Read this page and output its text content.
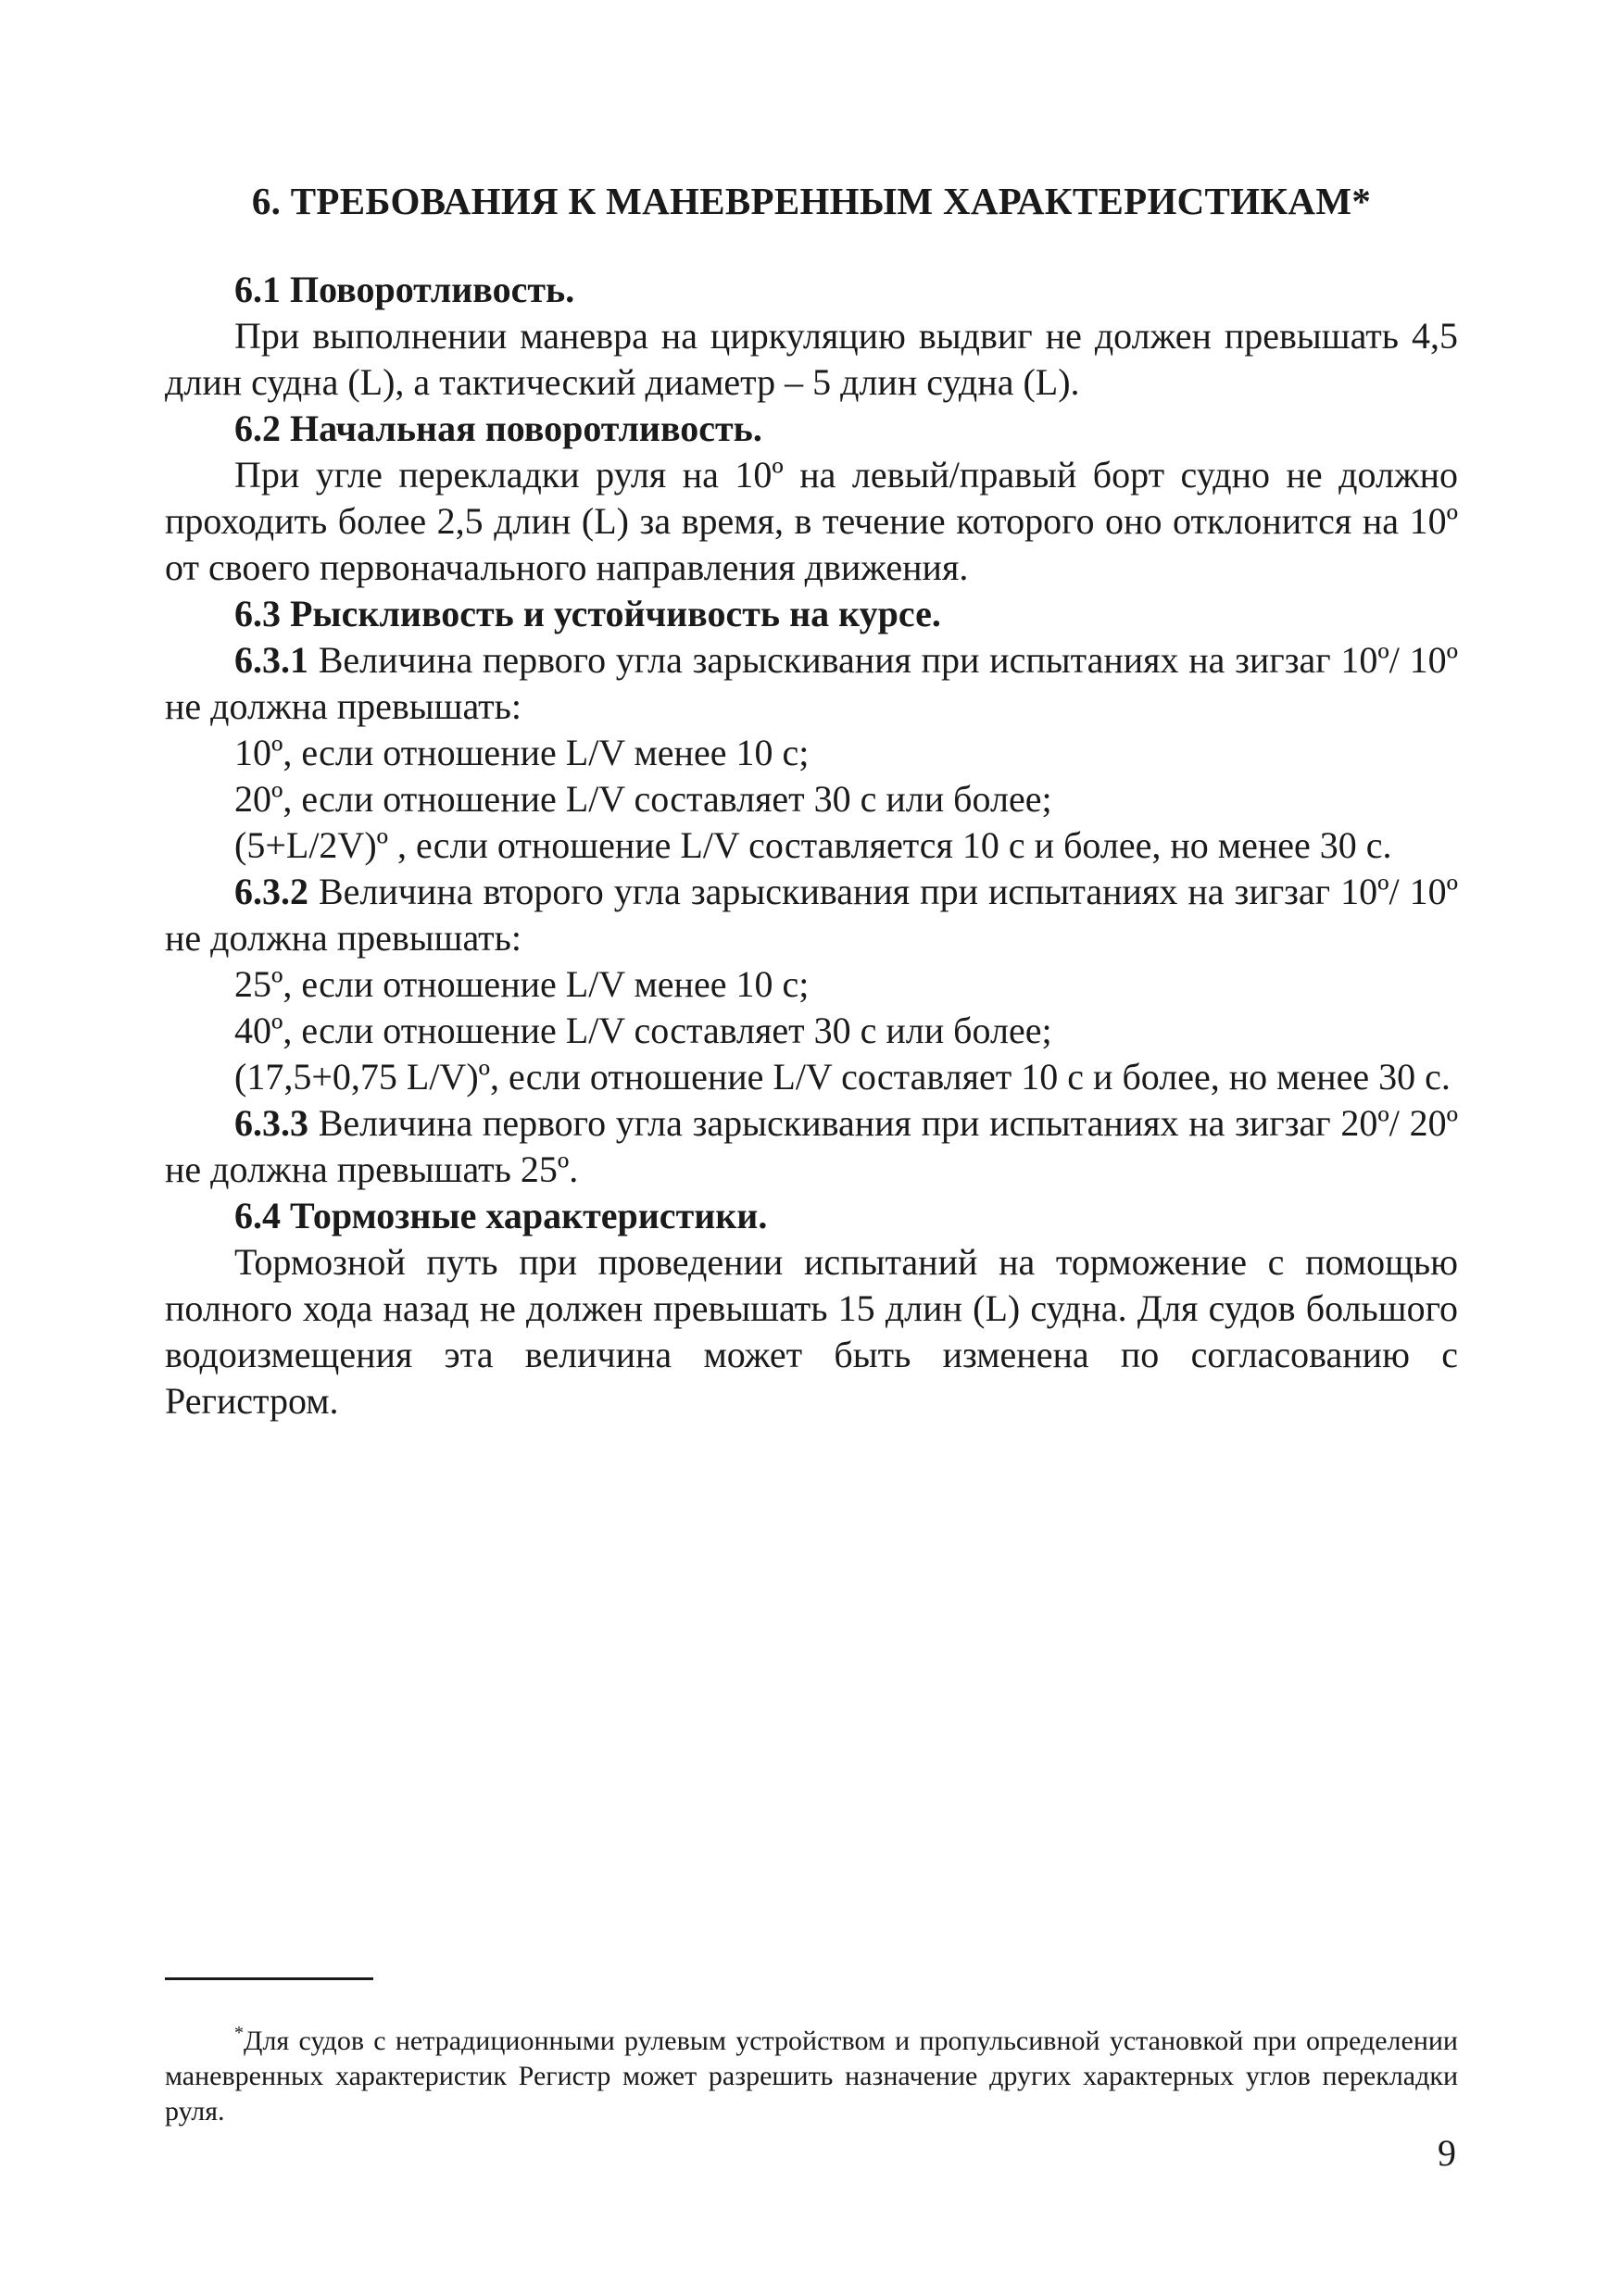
6. ТРЕБОВАНИЯ К МАНЕВРЕННЫМ ХАРАКТЕРИСТИКАМ*

6.1 Поворотливость.

При выполнении маневра на циркуляцию выдвиг не должен превышать 4,5 длин судна (L), а тактический диаметр – 5 длин судна (L).

6.2 Начальная поворотливость.

При угле перекладки руля на 10º на левый/правый борт судно не должно проходить более 2,5 длин (L) за время, в течение которого оно отклонится на 10º от своего первоначального направления движения.

6.3 Рыскливость и устойчивость на курсе.

6.3.1 Величина первого угла зарыскивания при испытаниях на зигзаг 10º/ 10º не должна превышать:

10º, если отношение L/V менее 10 с;

20º, если отношение L/V составляет 30 с или более;

(5+L/2V)º , если отношение L/V составляется 10 с и более, но менее 30 с.

6.3.2 Величина второго угла зарыскивания при испытаниях на зигзаг 10º/ 10º не должна превышать:

25º, если отношение L/V менее 10 с;

40º, если отношение L/V составляет 30 с или более;

(17,5+0,75 L/V)º, если отношение L/V составляет 10 с и более, но менее 30 с.

6.3.3 Величина первого угла зарыскивания при испытаниях на зигзаг 20º/ 20º не должна превышать 25º.

6.4 Тормозные характеристики.

Тормозной путь при проведении испытаний на торможение с помощью полного хода назад не должен превышать 15 длин (L) судна. Для судов большого водоизмещения эта величина может быть изменена по согласованию с Регистром.

*Для судов с нетрадиционными рулевым устройством и пропульсивной установкой при определении маневренных характеристик Регистр может разрешить назначение других характерных углов перекладки руля.

9
